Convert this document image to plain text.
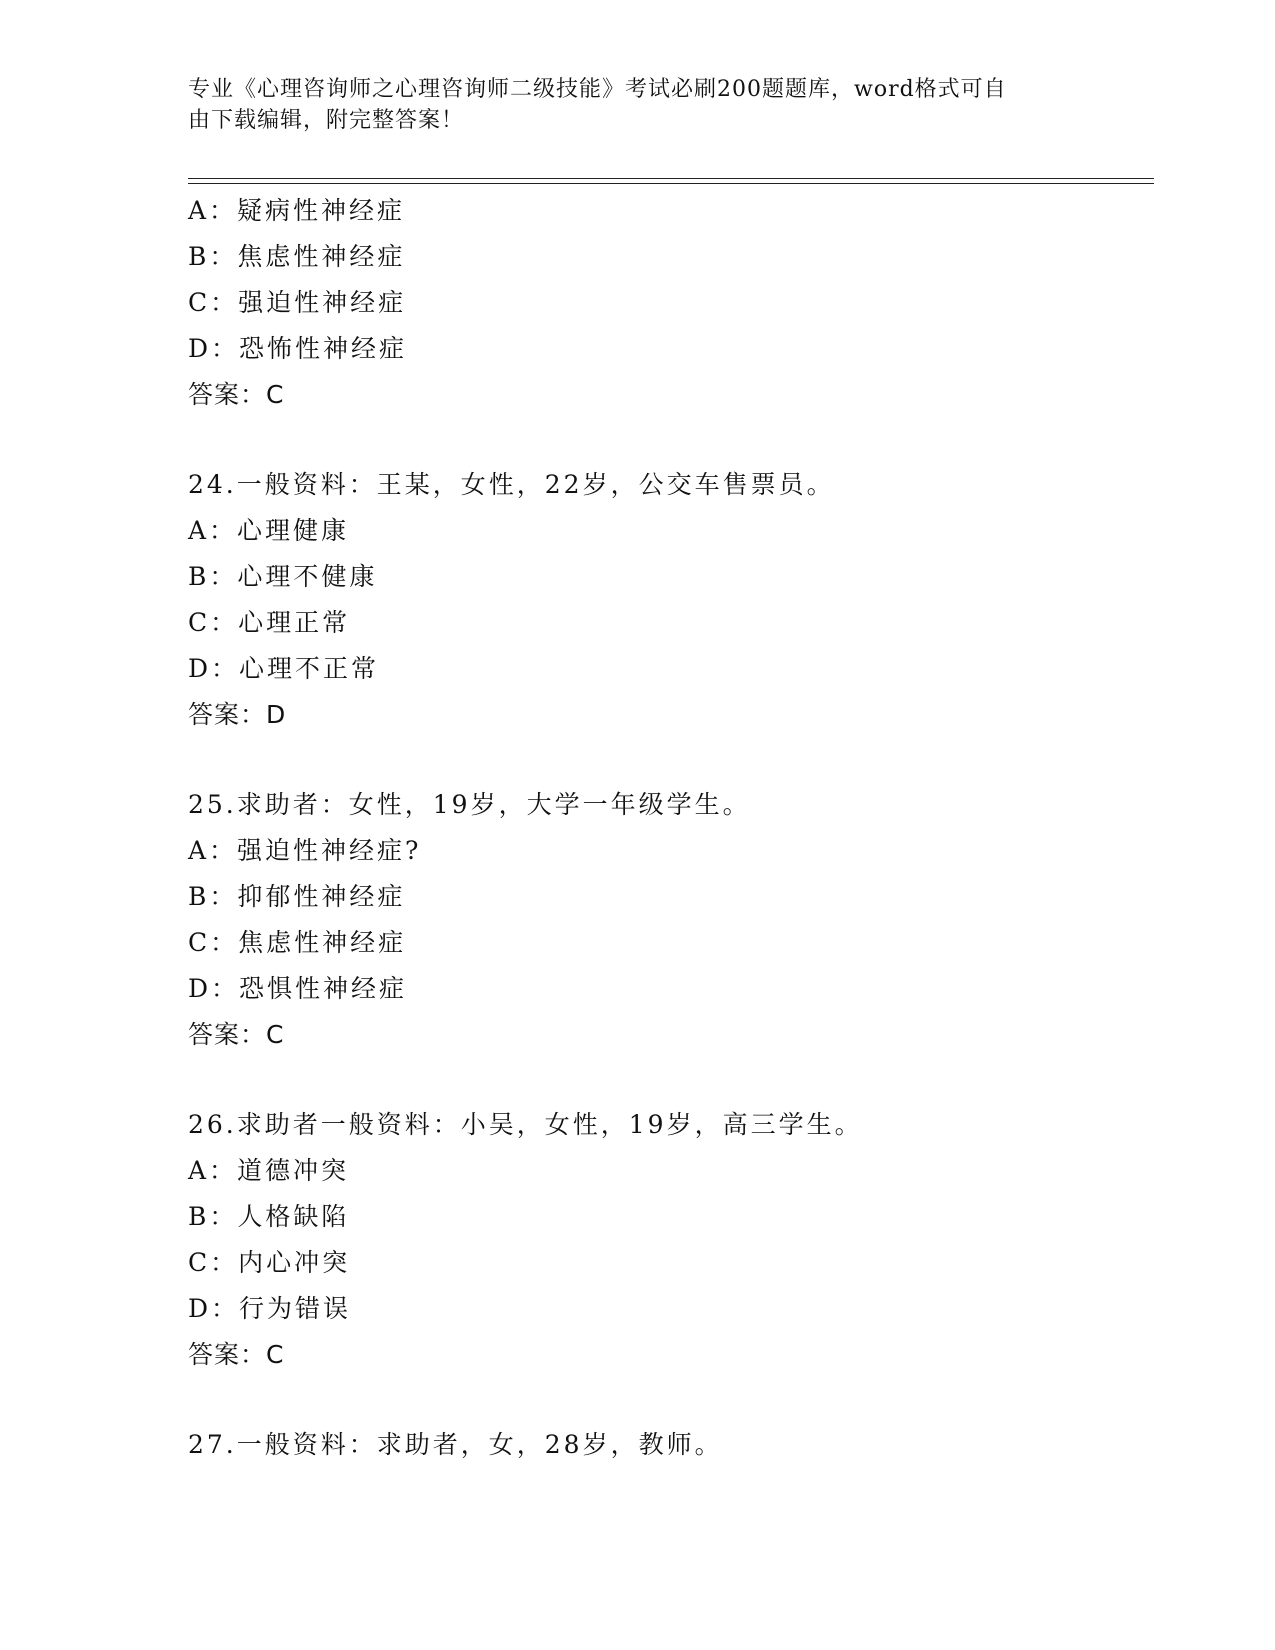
专业《心理咨询师之心理咨询师二级技能》考试必刷200题题库，word格式可自
由下载编辑，附完整答案！
A：疑病性神经症
B：焦虑性神经症
C：强迫性神经症
D：恐怖性神经症
答案：C
24.一般资料：王某，女性，22岁，公交车售票员。
A：心理健康
B：心理不健康
C：心理正常
D：心理不正常
答案：D
25.求助者：女性，19岁，大学一年级学生。
A：强迫性神经症?
B：抑郁性神经症
C：焦虑性神经症
D：恐惧性神经症
答案：C
26.求助者一般资料：小吴，女性，19岁，高三学生。
A：道德冲突
B：人格缺陷
C：内心冲突
D：行为错误
答案：C
27.一般资料：求助者，女，28岁，教师。
